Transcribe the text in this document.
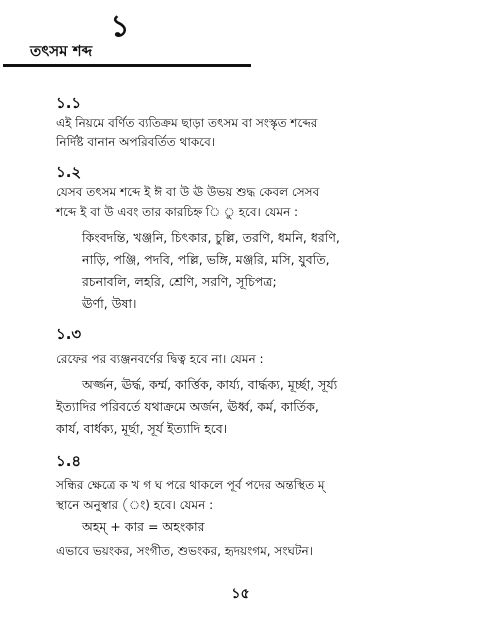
১
তৎসম শব্দ
১.১
এই নিয়মে বর্ণিত ব্যতিক্রম ছাড়া তৎসম বা সংস্কৃত শব্দের
নির্দিষ্ট বানান অপরিবর্তিত থাকবে।
১.২
যেসব তৎসম শব্দে ই ঈ বা উ ঊ উভয় শুদ্ধ কেবল সেসব
শব্দে ই বা উ এবং তার কারচিহ্ন ি ু হবে। যেমন :
কিংবদন্তি, খঞ্জনি, চিৎকার, চুল্লি, তরণি, ধমনি, ধরণি,
নাড়ি, পঞ্জি, পদবি, পল্লি, ভঙ্গি, মঞ্জরি, মসি, যুবতি,
রচনাবলি, লহরি, শ্রেণি, সরণি, সূচিপত্র;
ঊর্ণা, উষা।
১.৩
রেফের পর ব্যঞ্জনবর্ণের দ্বিত্ব হবে না। যেমন :
অর্জ্জন, ঊর্দ্ধ, কর্ম্ম, কার্ত্তিক, কার্য্য, বার্দ্ধক্য, মূর্চ্ছা, সূর্য্য
ইত্যাদির পরিবর্তে যথাক্রমে অর্জন, ঊর্ধ্ব, কর্ম, কার্তিক,
কার্য, বার্ধক্য, মূর্ছা, সূর্য ইত্যাদি হবে।
১.৪
সন্ধির ক্ষেত্রে ক খ গ ঘ পরে থাকলে পূর্ব পদের অন্তস্থিত ম্
স্থানে অনুস্বার (ং) হবে। যেমন :
অহম্ + কার = অহংকার
এভাবে ভয়ংকর, সংগীত, শুভংকর, হৃদয়ংগম, সংঘটন।
১৫
